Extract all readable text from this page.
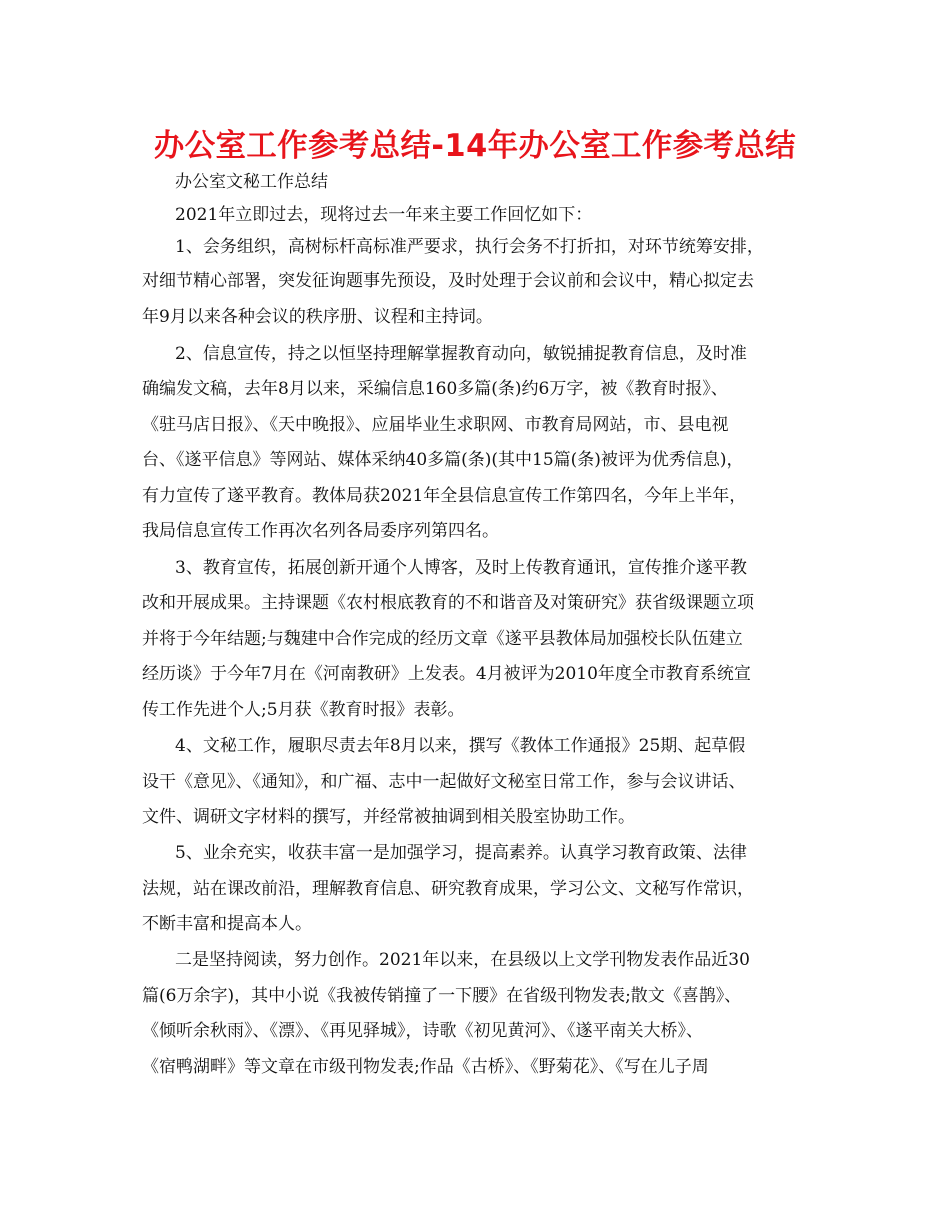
办公室工作参考总结-14年办公室工作参考总结
办公室文秘工作总结
2021年立即过去，现将过去一年来主要工作回忆如下：
1、会务组织，高树标杆高标准严要求，执行会务不打折扣，对环节统筹安排，
对细节精心部署，突发征询题事先预设，及时处理于会议前和会议中，精心拟定去
年9月以来各种会议的秩序册、议程和主持词。
2、信息宣传，持之以恒坚持理解掌握教育动向，敏锐捕捉教育信息，及时准
确编发文稿，去年8月以来，采编信息160多篇(条)约6万字，被《教育时报》、
《驻马店日报》、《天中晚报》、应届毕业生求职网、市教育局网站，市、县电视
台、《遂平信息》等网站、媒体采纳40多篇(条)(其中15篇(条)被评为优秀信息)，
有力宣传了遂平教育。教体局获2021年全县信息宣传工作第四名，今年上半年，
我局信息宣传工作再次名列各局委序列第四名。
3、教育宣传，拓展创新开通个人博客，及时上传教育通讯，宣传推介遂平教
改和开展成果。主持课题《农村根底教育的不和谐音及对策研究》获省级课题立项
并将于今年结题;与魏建中合作完成的经历文章《遂平县教体局加强校长队伍建立
经历谈》于今年7月在《河南教研》上发表。4月被评为2010年度全市教育系统宣
传工作先进个人;5月获《教育时报》表彰。
4、文秘工作，履职尽责去年8月以来，撰写《教体工作通报》25期、起草假
设干《意见》、《通知》，和广福、志中一起做好文秘室日常工作，参与会议讲话、
文件、调研文字材料的撰写，并经常被抽调到相关股室协助工作。
5、业余充实，收获丰富一是加强学习，提高素养。认真学习教育政策、法律
法规，站在课改前沿，理解教育信息、研究教育成果，学习公文、文秘写作常识，
不断丰富和提高本人。
二是坚持阅读，努力创作。2021年以来，在县级以上文学刊物发表作品近30
篇(6万余字)，其中小说《我被传销撞了一下腰》在省级刊物发表;散文《喜鹊》、
《倾听余秋雨》、《漂》、《再见驿城》，诗歌《初见黄河》、《遂平南关大桥》、
《宿鸭湖畔》等文章在市级刊物发表;作品《古桥》、《野菊花》、《写在儿子周
